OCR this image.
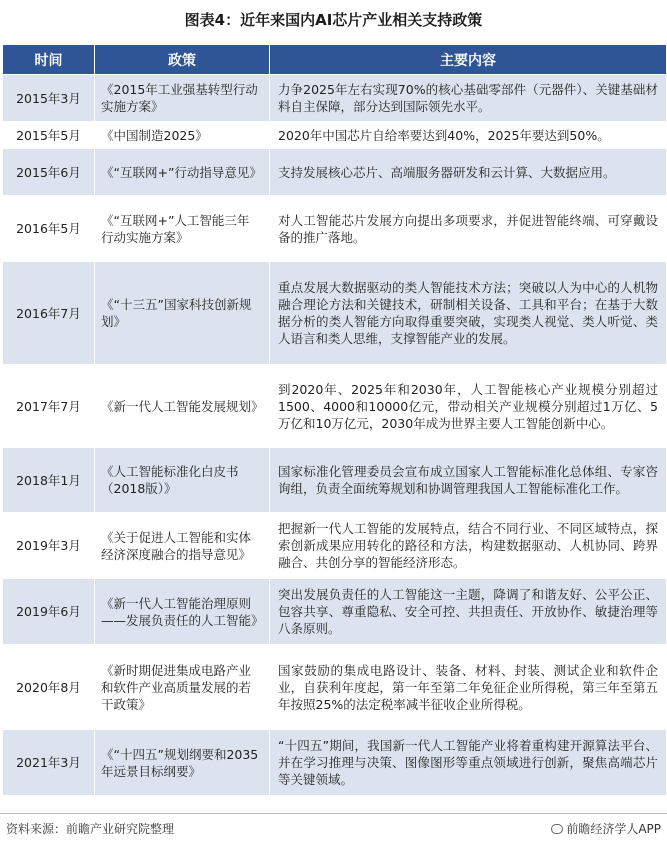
图表4：近年来国内AI芯片产业相关支持政策
时间	政策	主要内容
2015年3月	《2015年工业强基转型行动实施方案》	力争2025年左右实现70%的核心基础零部件（元器件）、关键基础材料自主保障，部分达到国际领先水平。
2015年5月	《中国制造2025》	2020年中国芯片自给率要达到40%，2025年要达到50%。
2015年6月	《“互联网+”行动指导意见》	支持发展核心芯片、高端服务器研发和云计算、大数据应用。
2016年5月	《“互联网+”人工智能三年行动实施方案》	对人工智能芯片发展方向提出多项要求，并促进智能终端、可穿戴设备的推广落地。
2016年7月	《“十三五”国家科技创新规划》	重点发展大数据驱动的类人智能技术方法；突破以人为中心的人机物融合理论方法和关键技术，研制相关设备、工具和平台；在基于大数据分析的类人智能方向取得重要突破，实现类人视觉、类人听觉、类人语言和类人思维，支撑智能产业的发展。
2017年7月	《新一代人工智能发展规划》	到2020年、2025年和2030年，人工智能核心产业规模分别超过1500、4000和10000亿元，带动相关产业规模分别超过1万亿、5万亿和10万亿元，2030年成为世界主要人工智能创新中心。
2018年1月	《人工智能标准化白皮书（2018版）》	国家标准化管理委员会宣布成立国家人工智能标准化总体组、专家咨询组，负责全面统筹规划和协调管理我国人工智能标准化工作。
2019年3月	《关于促进人工智能和实体经济深度融合的指导意见》	把握新一代人工智能的发展特点，结合不同行业、不同区域特点，探索创新成果应用转化的路径和方法，构建数据驱动、人机协同、跨界融合、共创分享的智能经济形态。
2019年6月	《新一代人工智能治理原则——发展负责任的人工智能》	突出发展负责任的人工智能这一主题，降调了和谐友好、公平公正、包容共享、尊重隐私、安全可控、共担责任、开放协作、敏捷治理等八条原则。
2020年8月	《新时期促进集成电路产业和软件产业高质量发展的若干政策》	国家鼓励的集成电路设计、装备、材料、封装、测试企业和软件企业，自获利年度起，第一年至第二年免征企业所得税，第三年至第五年按照25%的法定税率减半征收企业所得税。
2021年3月	《“十四五”规划纲要和2035年远景目标纲要》	“十四五”期间，我国新一代人工智能产业将着重构建开源算法平台、并在学习推理与决策、图像图形等重点领域进行创新，聚焦高端芯片等关键领域。
资料来源：前瞻产业研究院整理	前瞻经济学人APP
